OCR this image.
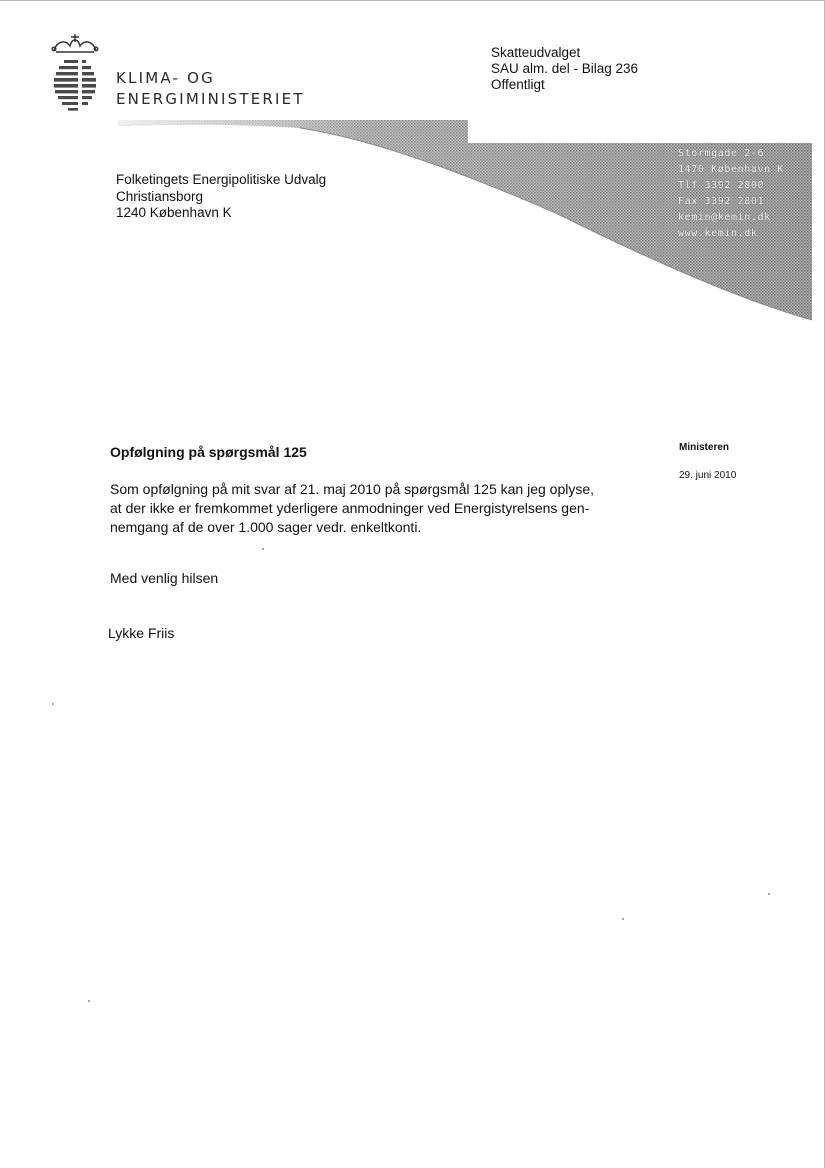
KLIMA- OG
ENERGIMINISTERIET
Skatteudvalget
SAU alm. del - Bilag 236
Offentligt
Stormgade 2-6
1470 København K
Tlf 3392 2800
Fax 3392 2801
kemin@kemin.dk
www.kemin.dk
Folketingets Energipolitiske Udvalg
Christiansborg
1240 København K
Opfølgning på spørgsmål 125	Ministeren
29. juni 2010
Som opfølgning på mit svar af 21. maj 2010 på spørgsmål 125 kan jeg oplyse,
at der ikke er fremkommet yderligere anmodninger ved Energistyrelsens gen-
nemgang af de over 1.000 sager vedr. enkeltkonti.
Med venlig hilsen
Lykke Friis
